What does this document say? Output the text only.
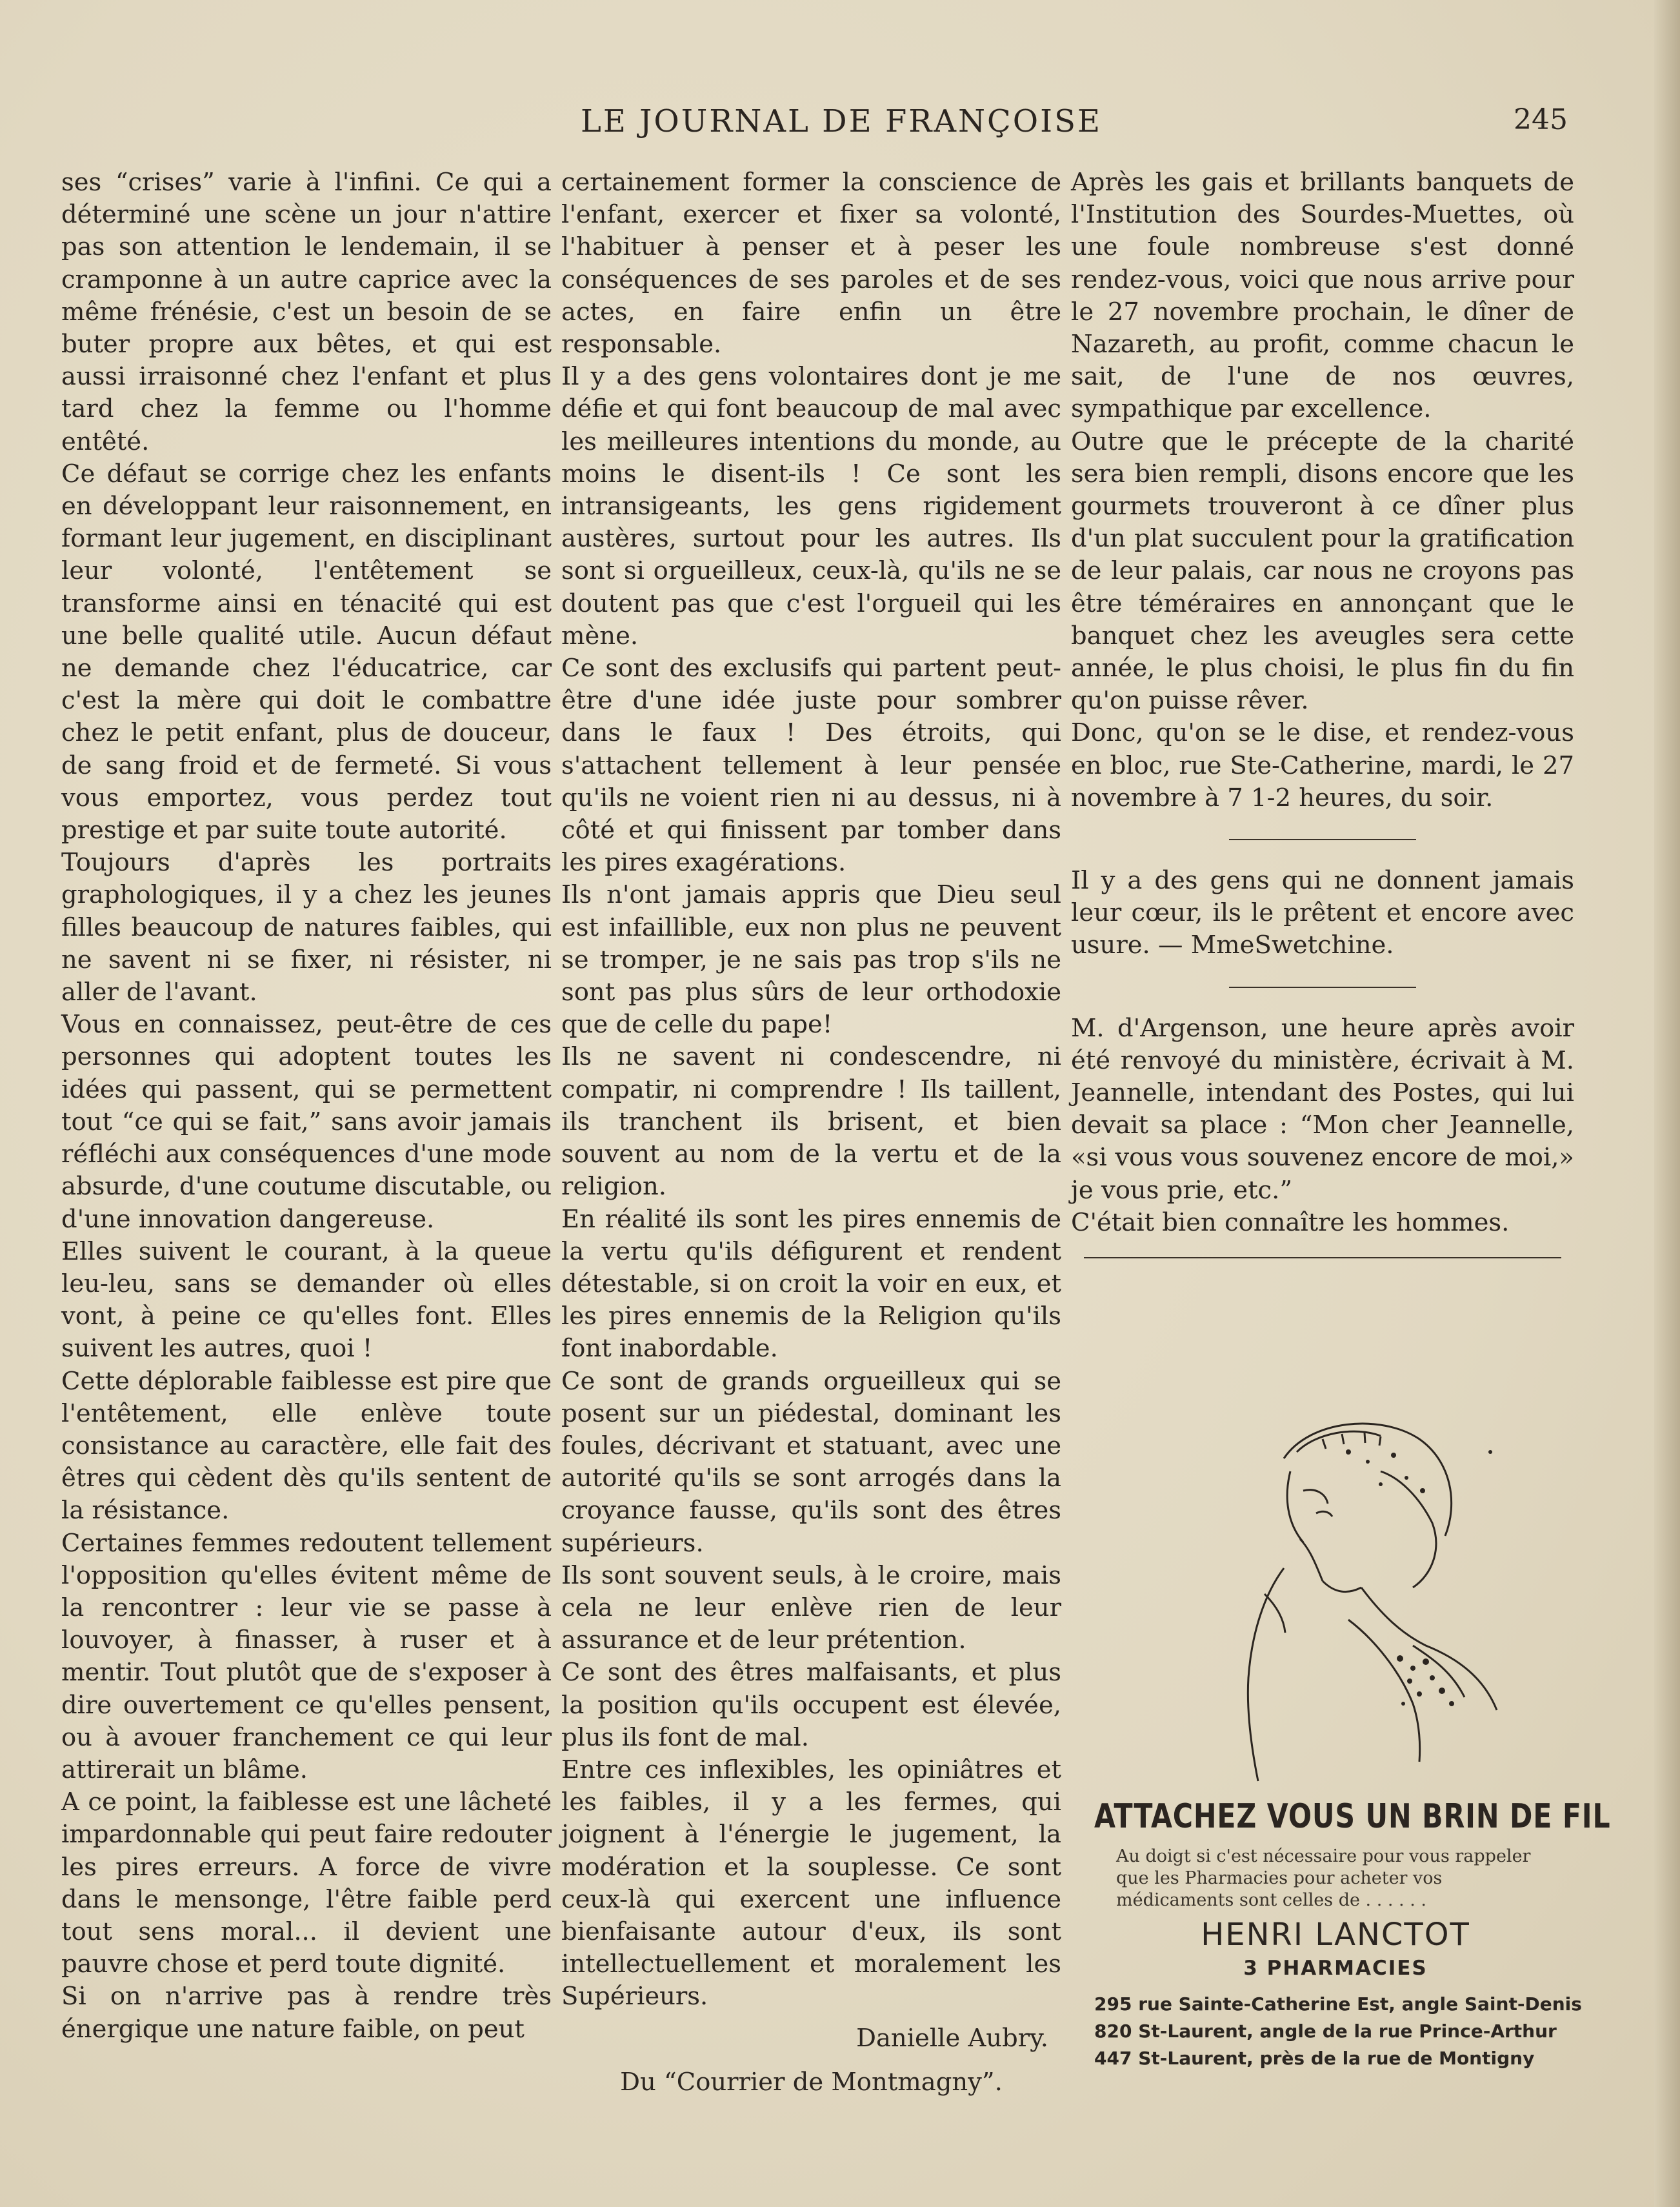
LE JOURNAL DE FRANÇOISE	245

ses “crises” varie à l'infini. Ce qui a déterminé une scène un jour n'attire pas son attention le lendemain, il se cramponne à un autre caprice avec la même frénésie, c'est un besoin de se buter propre aux bêtes, et qui est aussi irraisonné chez l'enfant et plus tard chez la femme ou l'homme entêté.

Ce défaut se corrige chez les enfants en développant leur raisonnement, en formant leur jugement, en disciplinant leur volonté, l'entêtement se transforme ainsi en ténacité qui est une belle qualité utile. Aucun défaut ne demande chez l'éducatrice, car c'est la mère qui doit le combattre chez le petit enfant, plus de douceur, de sang froid et de fermeté. Si vous vous emportez, vous perdez tout prestige et par suite toute autorité.

Toujours d'après les portraits graphologiques, il y a chez les jeunes filles beaucoup de natures faibles, qui ne savent ni se fixer, ni résister, ni aller de l'avant.

Vous en connaissez, peut-être de ces personnes qui adoptent toutes les idées qui passent, qui se permettent tout “ce qui se fait,” sans avoir jamais réfléchi aux conséquences d'une mode absurde, d'une coutume discutable, ou d'une innovation dangereuse.

Elles suivent le courant, à la queue leu-leu, sans se demander où elles vont, à peine ce qu'elles font. Elles suivent les autres, quoi !

Cette déplorable faiblesse est pire que l'entêtement, elle enlève toute consistance au caractère, elle fait des êtres qui cèdent dès qu'ils sentent de la résistance.

Certaines femmes redoutent tellement l'opposition qu'elles évitent même de la rencontrer : leur vie se passe à louvoyer, à finasser, à ruser et à mentir. Tout plutôt que de s'exposer à dire ouvertement ce qu'elles pensent, ou à avouer franchement ce qui leur attirerait un blâme.

A ce point, la faiblesse est une lâcheté impardonnable qui peut faire redouter les pires erreurs. A force de vivre dans le mensonge, l'être faible perd tout sens moral... il devient une pauvre chose et perd toute dignité.

Si on n'arrive pas à rendre très énergique une nature faible, on peut

certainement former la conscience de l'enfant, exercer et fixer sa volonté, l'habituer à penser et à peser les conséquences de ses paroles et de ses actes, en faire enfin un être responsable.

Il y a des gens volontaires dont je me défie et qui font beaucoup de mal avec les meilleures intentions du monde, au moins le disent-ils ! Ce sont les intransigeants, les gens rigidement austères, surtout pour les autres. Ils sont si orgueilleux, ceux-là, qu'ils ne se doutent pas que c'est l'orgueil qui les mène.

Ce sont des exclusifs qui partent peut-être d'une idée juste pour sombrer dans le faux ! Des étroits, qui s'attachent tellement à leur pensée qu'ils ne voient rien ni au dessus, ni à côté et qui finissent par tomber dans les pires exagérations.

Ils n'ont jamais appris que Dieu seul est infaillible, eux non plus ne peuvent se tromper, je ne sais pas trop s'ils ne sont pas plus sûrs de leur orthodoxie que de celle du pape!

Ils ne savent ni condescendre, ni compatir, ni comprendre ! Ils taillent, ils tranchent ils brisent, et bien souvent au nom de la vertu et de la religion.

En réalité ils sont les pires ennemis de la vertu qu'ils défigurent et rendent détestable, si on croit la voir en eux, et les pires ennemis de la Religion qu'ils font inabordable.

Ce sont de grands orgueilleux qui se posent sur un piédestal, dominant les foules, décrivant et statuant, avec une autorité qu'ils se sont arrogés dans la croyance fausse, qu'ils sont des êtres supérieurs.

Ils sont souvent seuls, à le croire, mais cela ne leur enlève rien de leur assurance et de leur prétention.

Ce sont des êtres malfaisants, et plus la position qu'ils occupent est élevée, plus ils font de mal.

Entre ces inflexibles, les opiniâtres et les faibles, il y a les fermes, qui joignent à l'énergie le jugement, la modération et la souplesse. Ce sont ceux-là qui exercent une influence bienfaisante autour d'eux, ils sont intellectuellement et moralement les Supérieurs.

Danielle Aubry.

Du “Courrier de Montmagny”.

Après les gais et brillants banquets de l'Institution des Sourdes-Muettes, où une foule nombreuse s'est donné rendez-vous, voici que nous arrive pour le 27 novembre prochain, le dîner de Nazareth, au profit, comme chacun le sait, de l'une de nos œuvres, sympathique par excellence.

Outre que le précepte de la charité sera bien rempli, disons encore que les gourmets trouveront à ce dîner plus d'un plat succulent pour la gratification de leur palais, car nous ne croyons pas être téméraires en annonçant que le banquet chez les aveugles sera cette année, le plus choisi, le plus fin du fin qu'on puisse rêver.

Donc, qu'on se le dise, et rendez-vous en bloc, rue Ste-Catherine, mardi, le 27 novembre à 7 1-2 heures, du soir.

Il y a des gens qui ne donnent jamais leur cœur, ils le prêtent et encore avec usure. — MmeSwetchine.

M. d'Argenson, une heure après avoir été renvoyé du ministère, écrivait à M. Jeannelle, intendant des Postes, qui lui devait sa place : “Mon cher Jeannelle, «si vous vous souvenez encore de moi,» je vous prie, etc.”

C'était bien connaître les hommes.

ATTACHEZ VOUS UN BRIN DE FIL
Au doigt si c'est nécessaire pour vous rappeler que les Pharmacies pour acheter vos médicaments sont celles de . . . . . .
HENRI LANCTOT
3 PHARMACIES
295 rue Sainte-Catherine Est, angle Saint-Denis
820 St-Laurent, angle de la rue Prince-Arthur
447 St-Laurent, près de la rue de Montigny
